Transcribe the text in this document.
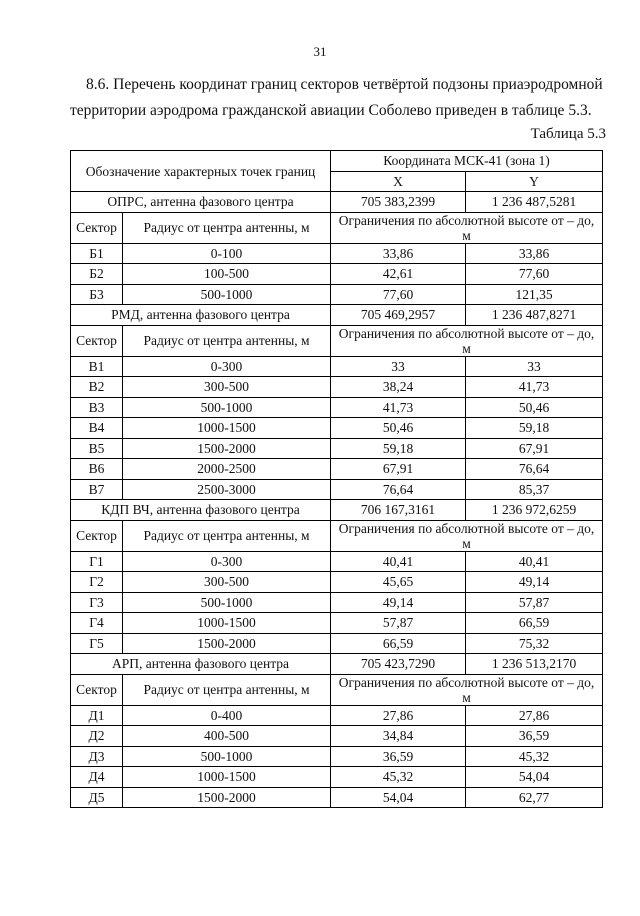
31
8.6. Перечень координат границ секторов четвёртой подзоны приаэродромной
территории аэродрома гражданской авиации Соболево приведен в таблице 5.3.
Таблица 5.3
Обозначение характерных точек границ		Координата МСК-41 (зона 1)	
		X	Y

ОПРС, антенна фазового центра		705 383,2399	1 236 487,5281
Сектор	Радиус от центра антенны, м	Ограничения по абсолютной высоте от – до, м	
Б1	0-100	33,86	33,86
Б2	100-500	42,61	77,60
Б3	500-1000	77,60	121,35
РМД, антенна фазового центра		705 469,2957	1 236 487,8271
Сектор	Радиус от центра антенны, м	Ограничения по абсолютной высоте от – до, м	
В1	0-300	33	33
В2	300-500	38,24	41,73
В3	500-1000	41,73	50,46
В4	1000-1500	50,46	59,18
В5	1500-2000	59,18	67,91
В6	2000-2500	67,91	76,64
В7	2500-3000	76,64	85,37
КДП ВЧ, антенна фазового центра		706 167,3161	1 236 972,6259
Сектор	Радиус от центра антенны, м	Ограничения по абсолютной высоте от – до, м	
Г1	0-300	40,41	40,41
Г2	300-500	45,65	49,14
Г3	500-1000	49,14	57,87
Г4	1000-1500	57,87	66,59
Г5	1500-2000	66,59	75,32
АРП, антенна фазового центра		705 423,7290	1 236 513,2170
Сектор	Радиус от центра антенны, м	Ограничения по абсолютной высоте от – до, м	
Д1	0-400	27,86	27,86
Д2	400-500	34,84	36,59
Д3	500-1000	36,59	45,32
Д4	1000-1500	45,32	54,04
Д5	1500-2000	54,04	62,77
